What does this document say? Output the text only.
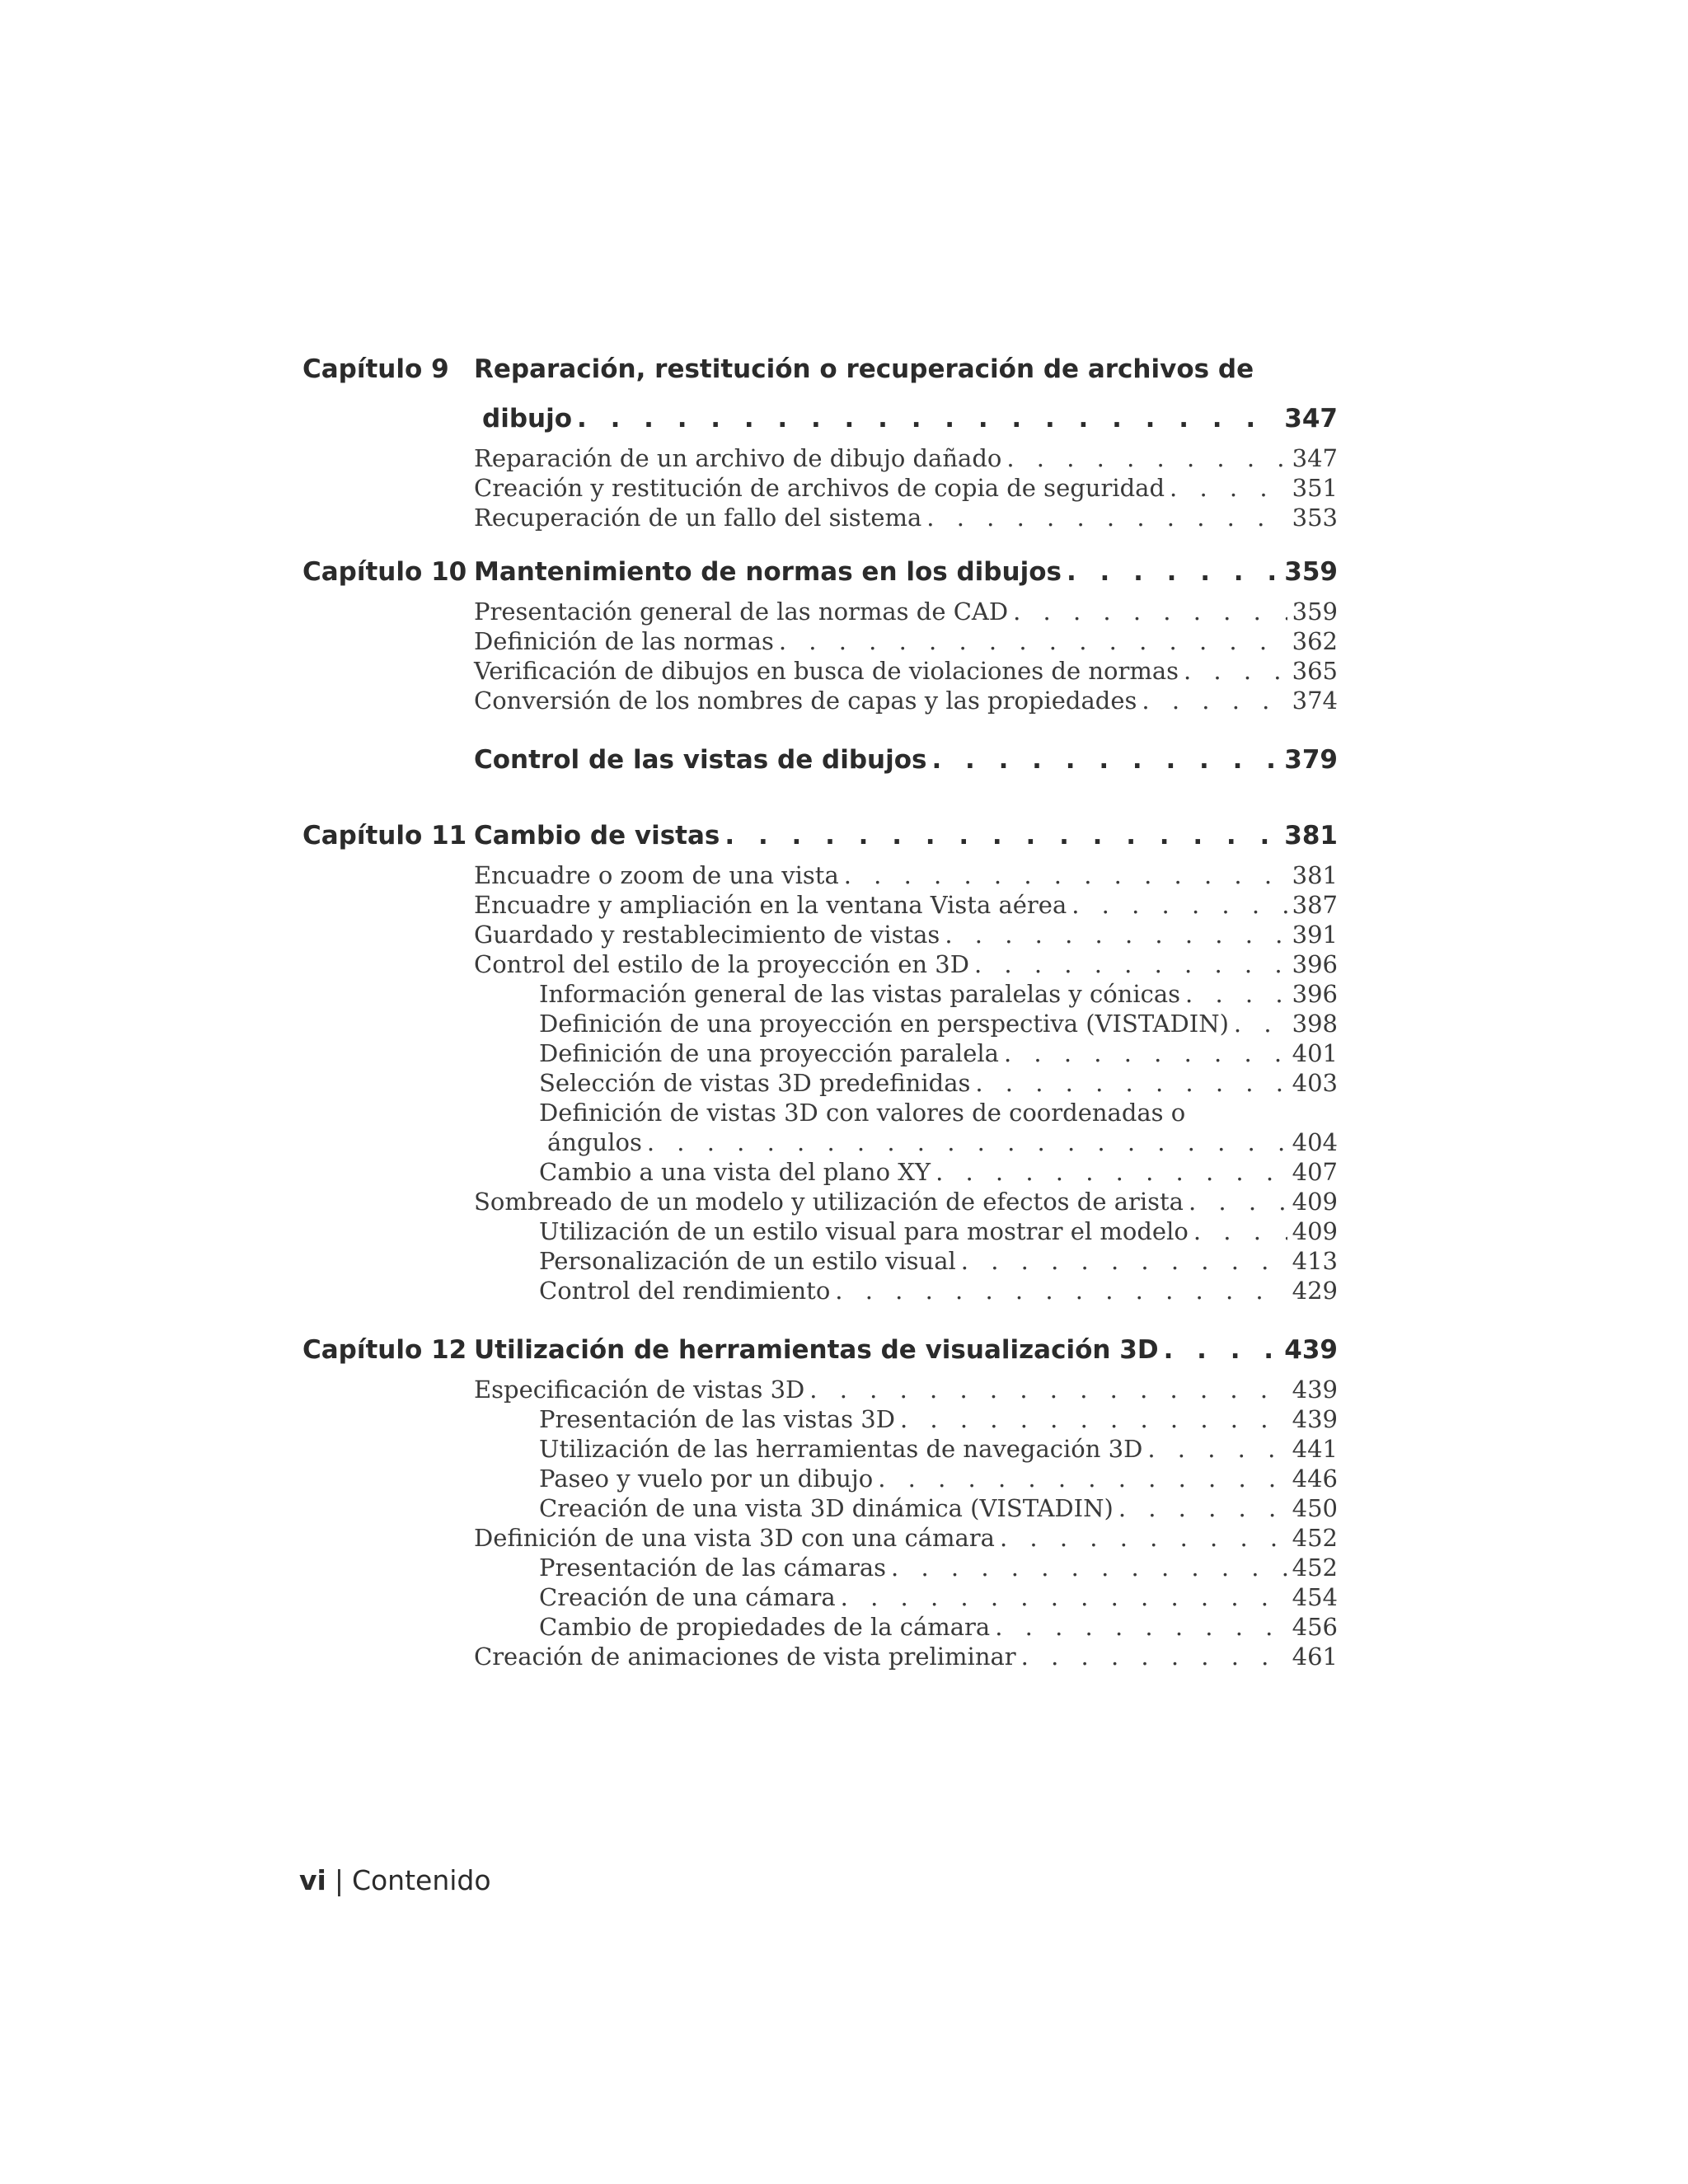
Capítulo 9 Reparación, restitución o recuperación de archivos de
dibujo . . .	347
Reparación de un archivo de dibujo dañado . . .	347
Creación y restitución de archivos de copia de seguridad . . .	351
Recuperación de un fallo del sistema . . .	353
Capítulo 10 Mantenimiento de normas en los dibujos . . .	359
Presentación general de las normas de CAD . . .	359
Definición de las normas . . .	362
Verificación de dibujos en busca de violaciones de normas . . .	365
Conversión de los nombres de capas y las propiedades . . .	374
Control de las vistas de dibujos . . .	379
Capítulo 11 Cambio de vistas . . .	381
Encuadre o zoom de una vista . . .	381
Encuadre y ampliación en la ventana Vista aérea . . .	387
Guardado y restablecimiento de vistas . . .	391
Control del estilo de la proyección en 3D . . .	396
Información general de las vistas paralelas y cónicas . . .	396
Definición de una proyección en perspectiva (VISTADIN) . . .	398
Definición de una proyección paralela . . .	401
Selección de vistas 3D predefinidas . . .	403
Definición de vistas 3D con valores de coordenadas o
ángulos . . .	404
Cambio a una vista del plano XY . . .	407
Sombreado de un modelo y utilización de efectos de arista . . .	409
Utilización de un estilo visual para mostrar el modelo . . .	409
Personalización de un estilo visual . . .	413
Control del rendimiento . . .	429
Capítulo 12 Utilización de herramientas de visualización 3D . . .	439
Especificación de vistas 3D . . .	439
Presentación de las vistas 3D . . .	439
Utilización de las herramientas de navegación 3D . . .	441
Paseo y vuelo por un dibujo . . .	446
Creación de una vista 3D dinámica (VISTADIN) . . .	450
Definición de una vista 3D con una cámara . . .	452
Presentación de las cámaras . . .	452
Creación de una cámara . . .	454
Cambio de propiedades de la cámara . . .	456
Creación de animaciones de vista preliminar . . .	461
vi | Contenido
